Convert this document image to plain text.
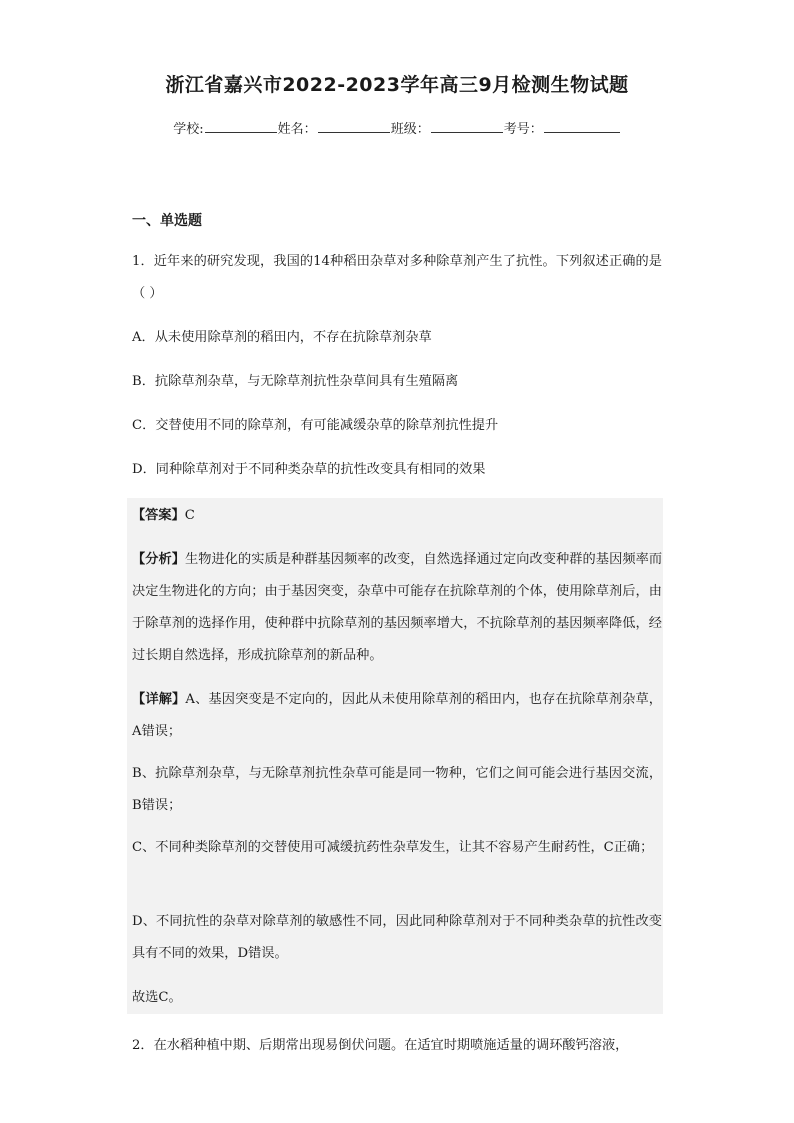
浙江省嘉兴市2022-2023学年高三9月检测生物试题
学校:	姓名：	班级：	考号：
一、单选题
1．近年来的研究发现，我国的14种稻田杂草对多种除草剂产生了抗性。下列叙述正确的是（ ）
A．从未使用除草剂的稻田内，不存在抗除草剂杂草
B．抗除草剂杂草，与无除草剂抗性杂草间具有生殖隔离
C．交替使用不同的除草剂，有可能减缓杂草的除草剂抗性提升
D．同种除草剂对于不同种类杂草的抗性改变具有相同的效果
【答案】C
【分析】生物进化的实质是种群基因频率的改变，自然选择通过定向改变种群的基因频率而决定生物进化的方向；由于基因突变，杂草中可能存在抗除草剂的个体，使用除草剂后，由于除草剂的选择作用，使种群中抗除草剂的基因频率增大，不抗除草剂的基因频率降低，经过长期自然选择，形成抗除草剂的新品种。
【详解】A、基因突变是不定向的，因此从未使用除草剂的稻田内，也存在抗除草剂杂草，A错误；
B、抗除草剂杂草，与无除草剂抗性杂草可能是同一物种，它们之间可能会进行基因交流，B错误；
C、不同种类除草剂的交替使用可减缓抗药性杂草发生，让其不容易产生耐药性，C正确；
D、不同抗性的杂草对除草剂的敏感性不同，因此同种除草剂对于不同种类杂草的抗性改变具有不同的效果，D错误。
故选C。
2．在水稻种植中期、后期常出现易倒伏问题。在适宜时期喷施适量的调环酸钙溶液，
